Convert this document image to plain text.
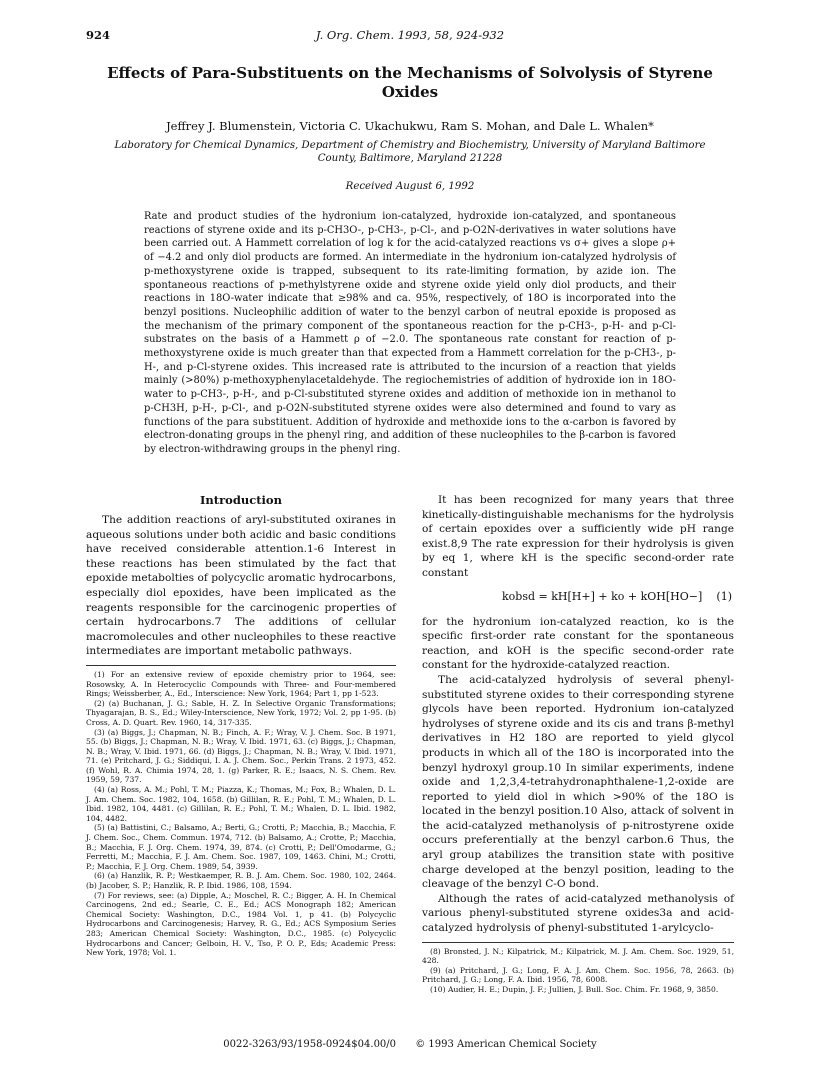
924	J. Org. Chem. 1993, 58, 924-932
Effects of Para-Substituents on the Mechanisms of Solvolysis of Styrene Oxides
Jeffrey J. Blumenstein, Victoria C. Ukachukwu, Ram S. Mohan, and Dale L. Whalen*
Laboratory for Chemical Dynamics, Department of Chemistry and Biochemistry, University of Maryland Baltimore County, Baltimore, Maryland 21228
Received August 6, 1992
Rate and product studies of the hydronium ion-catalyzed, hydroxide ion-catalyzed, and spontaneous reactions of styrene oxide and its p-CH3O-, p-CH3-, p-Cl-, and p-O2N-derivatives in water solutions have been carried out. A Hammett correlation of log k for the acid-catalyzed reactions vs σ+ gives a slope ρ+ of −4.2 and only diol products are formed. An intermediate in the hydronium ion-catalyzed hydrolysis of p-methoxystyrene oxide is trapped, subsequent to its rate-limiting formation, by azide ion. The spontaneous reactions of p-methylstyrene oxide and styrene oxide yield only diol products, and their reactions in 18O-water indicate that ≥98% and ca. 95%, respectively, of 18O is incorporated into the benzyl positions. Nucleophilic addition of water to the benzyl carbon of neutral epoxide is proposed as the mechanism of the primary component of the spontaneous reaction for the p-CH3-, p-H- and p-Cl-substrates on the basis of a Hammett ρ of −2.0. The spontaneous rate constant for reaction of p-methoxystyrene oxide is much greater than that expected from a Hammett correlation for the p-CH3-, p-H-, and p-Cl-styrene oxides. This increased rate is attributed to the incursion of a reaction that yields mainly (>80%) p-methoxyphenylacetaldehyde. The regiochemistries of addition of hydroxide ion in 18O-water to p-CH3-, p-H-, and p-Cl-substituted styrene oxides and addition of methoxide ion in methanol to p-CH3H, p-H-, p-Cl-, and p-O2N-substituted styrene oxides were also determined and found to vary as functions of the para substituent. Addition of hydroxide and methoxide ions to the α-carbon is favored by electron-donating groups in the phenyl ring, and addition of these nucleophiles to the β-carbon is favored by electron-withdrawing groups in the phenyl ring.
Introduction

The addition reactions of aryl-substituted oxiranes in aqueous solutions under both acidic and basic conditions have received considerable attention.1-6 Interest in these reactions has been stimulated by the fact that epoxide metabolties of polycyclic aromatic hydrocarbons, especially diol epoxides, have been implicated as the reagents responsible for the carcinogenic properties of certain hydrocarbons.7 The additions of cellular macromolecules and other nucleophiles to these reactive intermediates are important metabolic pathways.

(1) For an extensive review of epoxide chemistry prior to 1964, see: Rosowsky, A. In Heterocyclic Compounds with Three- and Four-membered Rings; Weissberber, A., Ed., Interscience: New York, 1964; Part 1, pp 1-523.

(2) (a) Buchanan, J. G.; Sable, H. Z. In Selective Organic Transformations; Thyagarajan, B. S., Ed.; Wiley-Interscience, New York, 1972; Vol. 2, pp 1-95. (b) Cross, A. D. Quart. Rev. 1960, 14, 317-335.

(3) (a) Biggs, J.; Chapman, N. B.; Finch, A. F.; Wray, V. J. Chem. Soc. B 1971, 55. (b) Biggs, J.; Chapman, N. B.; Wray, V. Ibid. 1971, 63. (c) Biggs, J.; Chapman, N. B.; Wray, V. Ibid. 1971, 66. (d) Biggs, J.; Chapman, N. B.; Wray, V. Ibid. 1971, 71. (e) Pritchard, J. G.; Siddiqui, I. A. J. Chem. Soc., Perkin Trans. 2 1973, 452. (f) Wohl, R. A. Chimia 1974, 28, 1. (g) Parker, R. E.; Isaacs, N. S. Chem. Rev. 1959, 59, 737.

(4) (a) Ross, A. M.; Pohl, T. M.; Piazza, K.; Thomas, M.; Fox, B.; Whalen, D. L. J. Am. Chem. Soc. 1982, 104, 1658. (b) Gillilan, R. E.; Pohl, T. M.; Whalen, D. L. Ibid. 1982, 104, 4481. (c) Gillilan, R. E.; Pohl, T. M.; Whalen, D. L. Ibid. 1982, 104, 4482.

(5) (a) Battistini, C.; Balsamo, A.; Berti, G.; Crotti, P.; Macchia, B.; Macchia, F. J. Chem. Soc., Chem. Commun. 1974, 712. (b) Balsamo, A.; Crotte, P.; Macchia, B.; Macchia, F. J. Org. Chem. 1974, 39, 874. (c) Crotti, P.; Dell'Omodarme, G.; Ferretti, M.; Macchia, F. J. Am. Chem. Soc. 1987, 109, 1463. Chini, M.; Crotti, P.; Macchia, F. J. Org. Chem. 1989, 54, 3939.

(6) (a) Hanzlik, R. P.; Westkaemper, R. B. J. Am. Chem. Soc. 1980, 102, 2464. (b) Jacober, S. P.; Hanzlik, R. P. Ibid. 1986, 108, 1594.

(7) For reviews, see: (a) Dipple, A.; Moschel, R. C.; Bigger, A. H. In Chemical Carcinogens, 2nd ed.; Searle, C. E., Ed.; ACS Monograph 182; American Chemical Society: Washington, D.C., 1984 Vol. 1, p 41. (b) Polycyclic Hydrocarbons and Carcinogenesis; Harvey, R. G., Ed.; ACS Symposium Series 283; American Chemical Society: Washington, D.C., 1985. (c) Polycyclic Hydrocarbons and Cancer; Gelboin, H. V., Tso, P. O. P., Eds; Academic Press: New York, 1978; Vol. 1.

It has been recognized for many years that three kinetically-distinguishable mechanisms for the hydrolysis of certain epoxides over a sufficiently wide pH range exist.8,9 The rate expression for their hydrolysis is given by eq 1, where kH is the specific second-order rate constant

kobsd = kH[H+] + ko + kOH[HO−] (1)

for the hydronium ion-catalyzed reaction, ko is the specific first-order rate constant for the spontaneous reaction, and kOH is the specific second-order rate constant for the hydroxide-catalyzed reaction.

The acid-catalyzed hydrolysis of several phenyl-substituted styrene oxides to their corresponding styrene glycols have been reported. Hydronium ion-catalyzed hydrolyses of styrene oxide and its cis and trans β-methyl derivatives in H2 18O are reported to yield glycol products in which all of the 18O is incorporated into the benzyl hydroxyl group.10 In similar experiments, indene oxide and 1,2,3,4-tetrahydronaphthalene-1,2-oxide are reported to yield diol in which >90% of the 18O is located in the benzyl position.10 Also, attack of solvent in the acid-catalyzed methanolysis of p-nitrostyrene oxide occurs preferentially at the benzyl carbon.6 Thus, the aryl group atabilizes the transition state with positive charge developed at the benzyl position, leading to the cleavage of the benzyl C-O bond.

Although the rates of acid-catalyzed methanolysis of various phenyl-substituted styrene oxides3a and acid-catalyzed hydrolysis of phenyl-substituted 1-arylcyclo-

(8) Bronsted, J. N.; Kilpatrick, M.; Kilpatrick, M. J. Am. Chem. Soc. 1929, 51, 428.

(9) (a) Pritchard, J. G.; Long, F. A. J. Am. Chem. Soc. 1956, 78, 2663. (b) Pritchard, J. G.; Long, F. A. Ibid. 1956, 78, 6008.

(10) Audier, H. E.; Dupin, J. F.; Jullien, J. Bull. Soc. Chim. Fr. 1968, 9, 3850.

0022-3263/93/1958-0924$04.00/0 © 1993 American Chemical Society
